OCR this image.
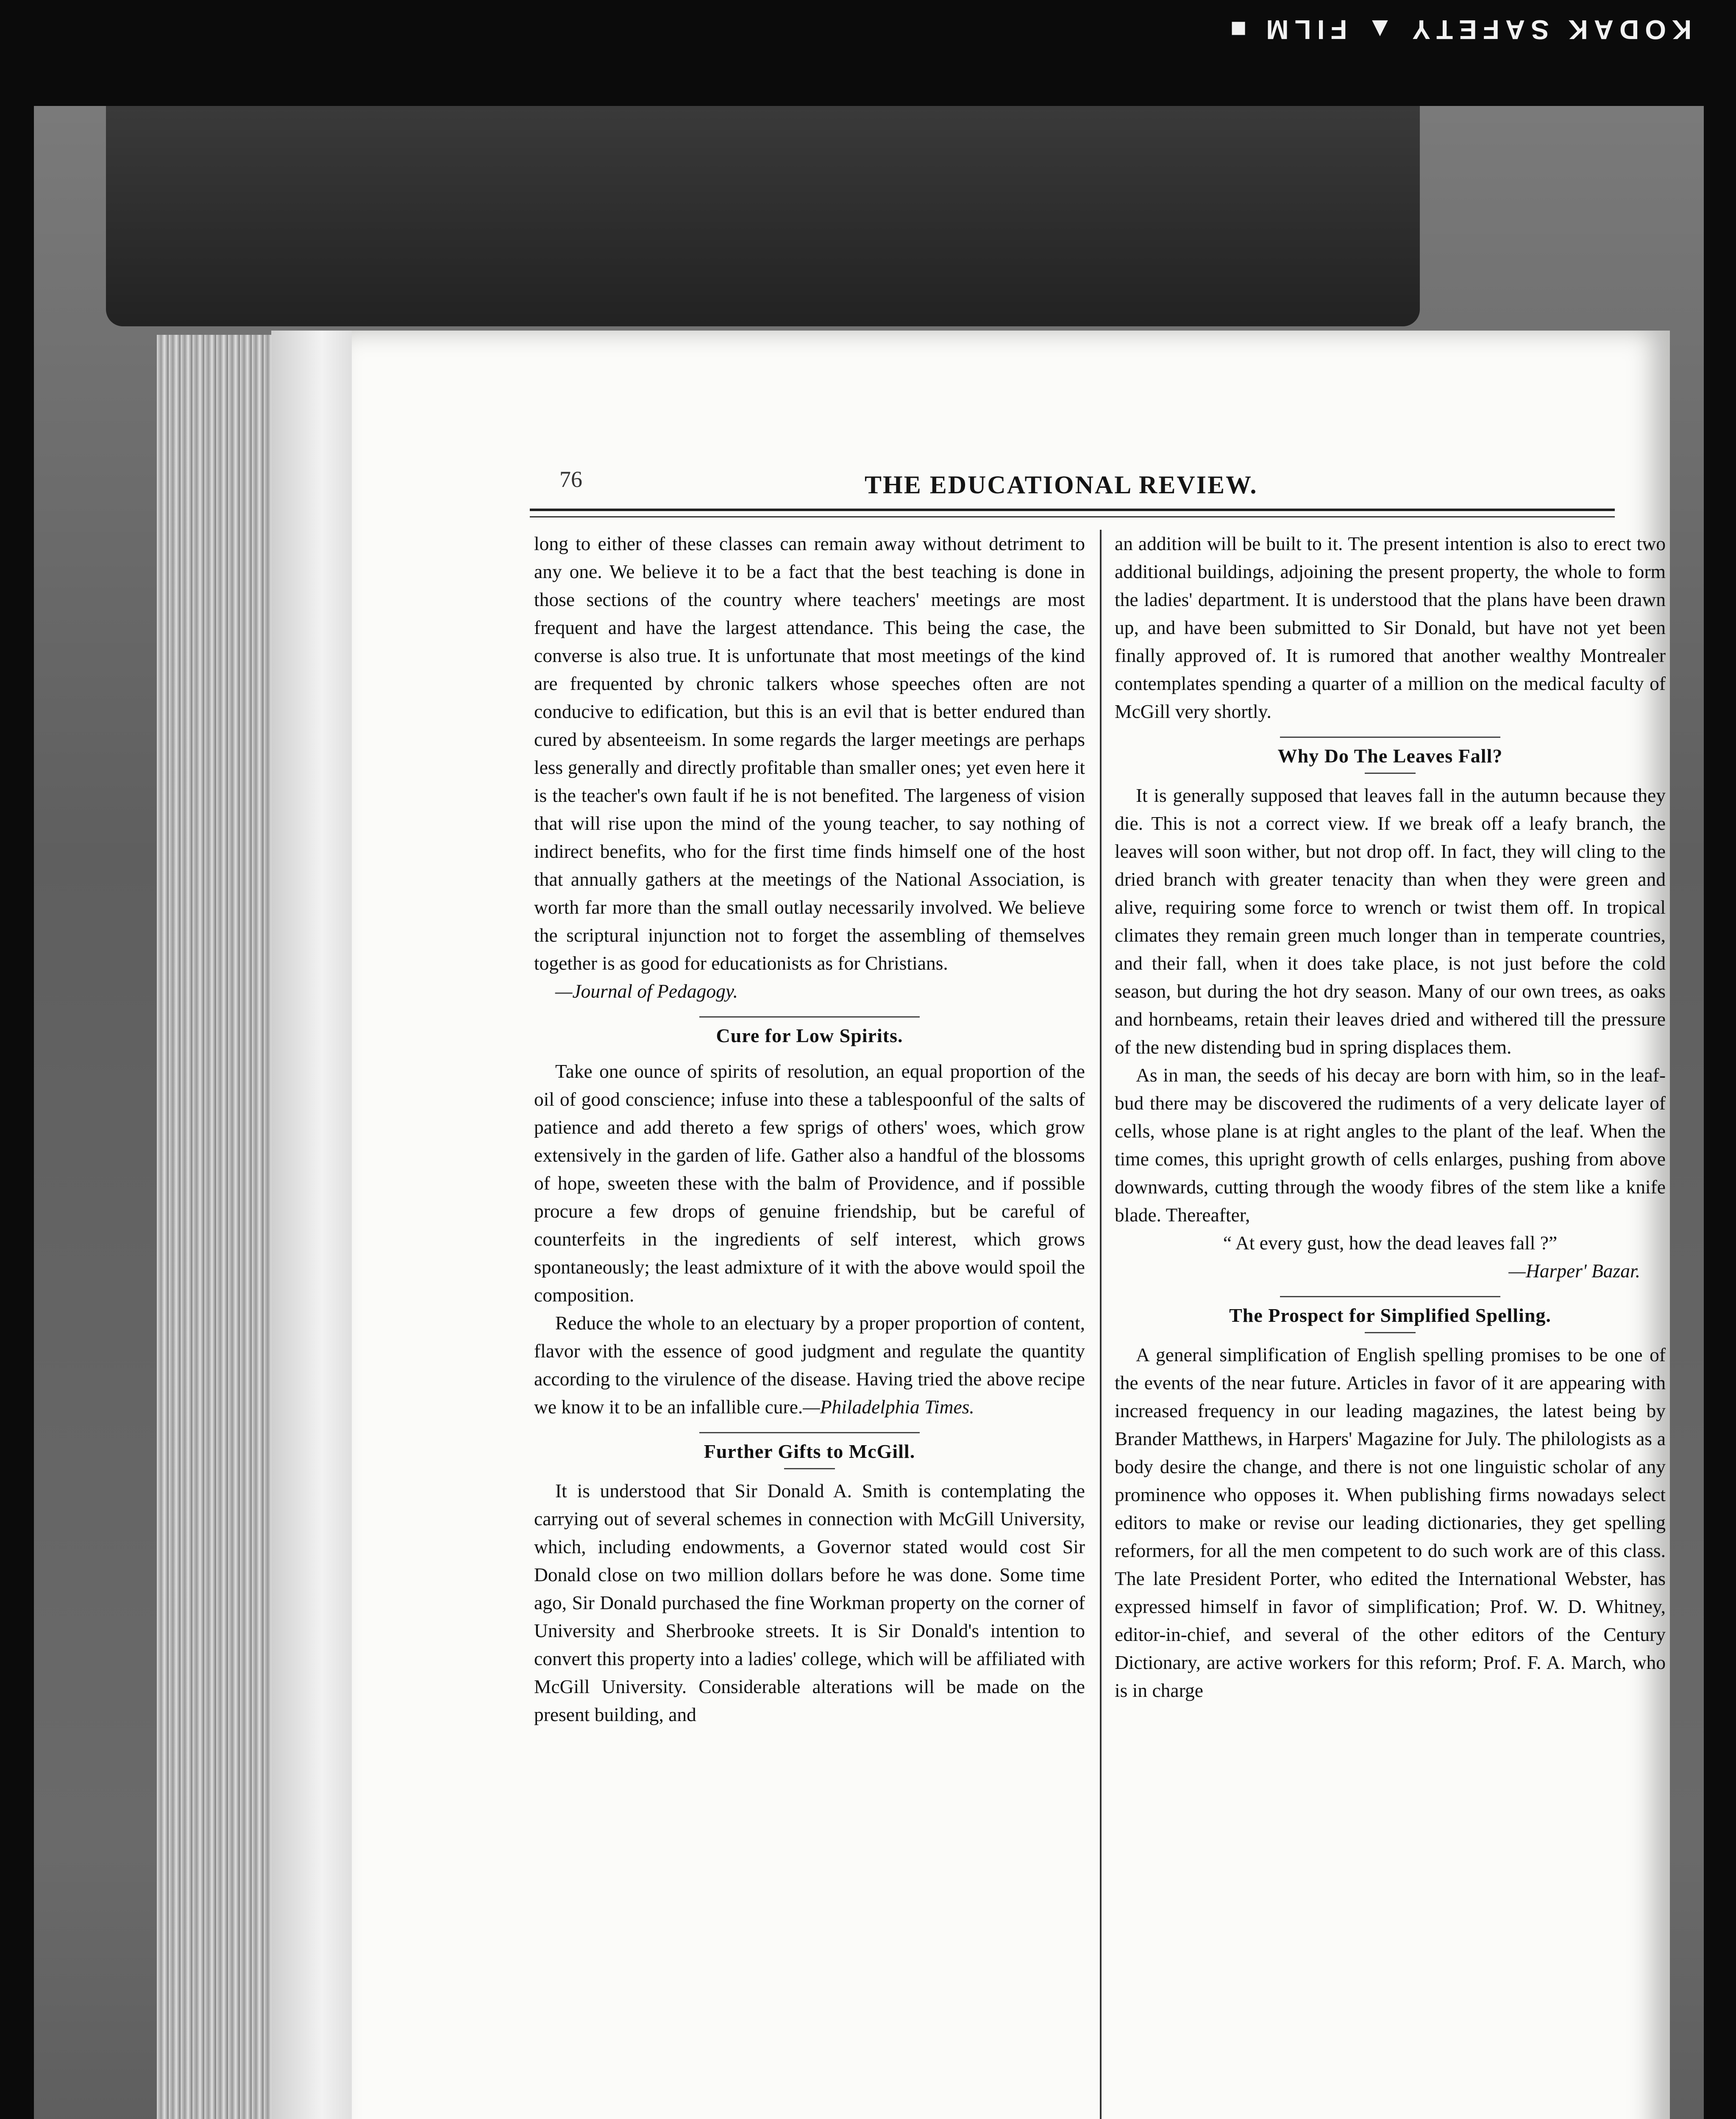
KODAK SAFETY ▲ FILM ■
76	THE EDUCATIONAL REVIEW.

long to either of these classes can remain away without detriment to any one. We believe it to be a fact that the best teaching is done in those sections of the country where teachers' meetings are most frequent and have the largest attendance. This being the case, the converse is also true. It is unfortunate that most meetings of the kind are frequented by chronic talkers whose speeches often are not conducive to edification, but this is an evil that is better endured than cured by absenteeism. In some regards the larger meetings are perhaps less generally and directly profitable than smaller ones; yet even here it is the teacher's own fault if he is not benefited. The largeness of vision that will rise upon the mind of the young teacher, to say nothing of indirect benefits, who for the first time finds himself one of the host that annually gathers at the meetings of the National Association, is worth far more than the small outlay necessarily involved. We believe the scriptural injunction not to forget the assembling of themselves together is as good for educationists as for Christians.

—Journal of Pedagogy.

Cure for Low Spirits.

Take one ounce of spirits of resolution, an equal proportion of the oil of good conscience; infuse into these a tablespoonful of the salts of patience and add thereto a few sprigs of others' woes, which grow extensively in the garden of life. Gather also a handful of the blossoms of hope, sweeten these with the balm of Providence, and if possible procure a few drops of genuine friendship, but be careful of counterfeits in the ingredients of self interest, which grows spontaneously; the least admixture of it with the above would spoil the composition.

Reduce the whole to an electuary by a proper proportion of content, flavor with the essence of good judgment and regulate the quantity according to the virulence of the disease. Having tried the above recipe we know it to be an infallible cure.—Philadelphia Times.

Further Gifts to McGill.

It is understood that Sir Donald A. Smith is contemplating the carrying out of several schemes in connection with McGill University, which, including endowments, a Governor stated would cost Sir Donald close on two million dollars before he was done. Some time ago, Sir Donald purchased the fine Workman property on the corner of University and Sherbrooke streets. It is Sir Donald's intention to convert this property into a ladies' college, which will be affiliated with McGill University. Considerable alterations will be made on the present building, and

an addition will be built to it. The present intention is also to erect two additional buildings, adjoining the present property, the whole to form the ladies' department. It is understood that the plans have been drawn up, and have been submitted to Sir Donald, but have not yet been finally approved of. It is rumored that another wealthy Montrealer contemplates spending a quarter of a million on the medical faculty of McGill very shortly.

Why Do The Leaves Fall?

It is generally supposed that leaves fall in the autumn because they die. This is not a correct view. If we break off a leafy branch, the leaves will soon wither, but not drop off. In fact, they will cling to the dried branch with greater tenacity than when they were green and alive, requiring some force to wrench or twist them off. In tropical climates they remain green much longer than in temperate countries, and their fall, when it does take place, is not just before the cold season, but during the hot dry season. Many of our own trees, as oaks and hornbeams, retain their leaves dried and withered till the pressure of the new distending bud in spring displaces them.

As in man, the seeds of his decay are born with him, so in the leaf-bud there may be discovered the rudiments of a very delicate layer of cells, whose plane is at right angles to the plant of the leaf. When the time comes, this upright growth of cells enlarges, pushing from above downwards, cutting through the woody fibres of the stem like a knife blade. Thereafter,

“ At every gust, how the dead leaves fall ?”

—Harper' Bazar.

The Prospect for Simplified Spelling.

A general simplification of English spelling promises to be one of the events of the near future. Articles in favor of it are appearing with increased frequency in our leading magazines, the latest being by Brander Matthews, in Harpers' Magazine for July. The philologists as a body desire the change, and there is not one linguistic scholar of any prominence who opposes it. When publishing firms nowadays select editors to make or revise our leading dictionaries, they get spelling reformers, for all the men competent to do such work are of this class. The late President Porter, who edited the International Webster, has expressed himself in favor of simplification; Prof. W. D. Whitney, editor-in-chief, and several of the other editors of the Century Dictionary, are active workers for this reform; Prof. F. A. March, who is in charge
